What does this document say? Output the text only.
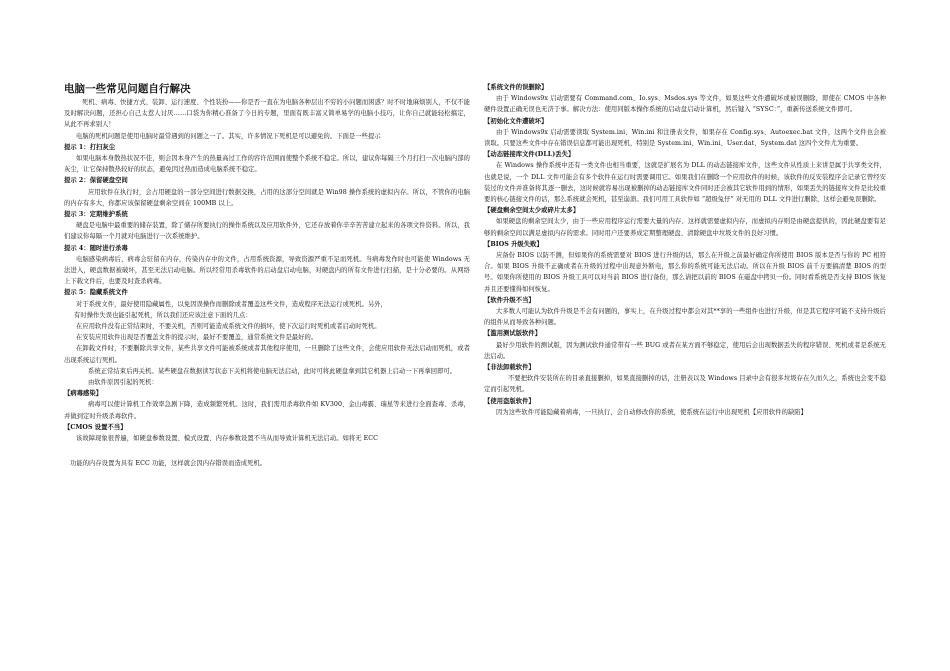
电脑一些常见问题自行解决

死机、病毒、快捷方式、装卸、运行速度、个性装扮——你是否一直在为电脑各种层出不穷的小问题而困惑？时不时地麻烦别人，不仅不能及时解决问题，还担心自己太惹人讨厌……口袋为你精心准备了今日的专题，里面有既丰富又简单易学的电脑小技巧，让你自己就能轻松搞定，从此不再求别人！

电脑的死机问题是使用电脑时最常遇到的问题之一了。其实，许多情况下死机是可以避免的。下面是一些提示

提示 1：打扫灰尘

如果电脑本身散热状况不佳，则会因本身产生的热量高过工作的容许范围而使整个系统不稳定。所以，建议你每隔三个月打扫一次电脑内部的灰尘，让它保持散热较好的状态，避免因过热而造成电脑系统不稳定。

提示 2：保留硬盘空间

应用软件在执行时，会占用硬盘的一部分空间进行数据交换，占用的这部分空间就是 Win98 操作系统的虚拟内存。所以，不管你的电脑的内存有多大，你都应该保留硬盘剩余空间在 100MB 以上。

提示 3：定期维护系统

硬盘是电脑中最重要的储存装置，除了储存所要执行的操作系统以及应用软件外，它还存放着你辛辛苦苦建立起来的各项文件资料。所以，我们建议你每隔一个月就对电脑进行一次系统维护。

提示 4：随时进行杀毒

电脑感染病毒后，病毒会驻留在内存，传染内存中的文件，占用系统资源，导致资源严重不足而死机。当病毒发作时也可能使 Windows 无法进入，硬盘数据被破坏，甚至无法启动电脑。所以经常用杀毒软件的启动盘启动电脑，对硬盘内的所有文件进行扫描，是十分必要的。从网络上下载文件后，也要及时查杀病毒。

提示 5：隐藏系统文件

对于系统文件，最好使用隐藏属性，以免因误操作而删除或者覆盖这些文件，造成程序无法运行或死机。另外，

有时操作失误也能引起死机，所以我们还应该注意下面的几点：

在应用软件没有正常结束时，不要关机，否则可能造成系统文件的损坏，使下次运行时死机或者启动时死机。

在安装应用软件出现是否覆盖文件的提示时，最好不要覆盖，通常系统文件是最好的。

在卸载文件时，不要删除共享文件，某些共享文件可能被系统或者其他程序使用，一旦删除了这些文件，会使应用软件无法启动而死机，或者出现系统运行死机。

系统正常结束后再关机。某些硬盘在数据读写状态下关机将使电脑无法启动，此时可将此硬盘拿到其它机器上启动一下再拿回即可。

由软件原因引起的死机：

【病毒感染】

病毒可以使计算机工作效率急剧下降，造成频繁死机。这时，我们需用杀毒软件如 KV300、金山毒霸、瑞星等来进行全面查毒、杀毒，并做到定时升级杀毒软件。

【CMOS 设置不当】

该故障现象很普遍，如硬盘参数设置、模式设置、内存参数设置不当从而导致计算机无法启动。如将无 ECC

功能的内存设置为具有 ECC 功能，这样就会因内存错误而造成死机。

【系统文件的误删除】

由于 Windows9x 启动需要有 Command.com、Io.sys、Msdos.sys 等文件，如果这些文件遭破坏或被误删除，即使在 CMOS 中各种硬件设置正确无误也无济于事。解决方法：使用同版本操作系统的启动盘启动计算机，然后键入 “SYSC：”，重新传送系统文件即可。

【初始化文件遭破坏】

由于 Windows9x 启动需要读取 System.ini、Win.ini 和注册表文件，如果存在 Config.sys、Autoexec.bat 文件，这两个文件也会被读取。只要这些文件中存在错误信息都可能出现死机，特别是 System.ini、Win.ini、User.dat、System.dat 这四个文件尤为重要。

【动态链接库文件(DLL)丢失】

在 Windows 操作系统中还有一类文件也相当重要，这就是扩展名为 DLL 的动态链接库文件，这些文件从性质上来讲是属于共享类文件，也就是说，一个 DLL 文件可能会有多个软件在运行时需要调用它。如果我们在删除一个应用软件的时候，该软件的反安装程序会记录它曾经安装过的文件并准备将其逐一删去，这时候就容易出现被删掉的动态链接库文件同时还会被其它软件用到的情形，如果丢失的链接库文件是比较重要的核心链接文件的话，那么系统就会死机，甚至崩溃。我们可用工具软件如 “超级兔仔” 对无用的 DLL 文件进行删除，这样会避免误删除。

【硬盘剩余空间太少或碎片太多】

如果硬盘的剩余空间太少，由于一些应用程序运行需要大量的内存、这样就需要虚拟内存，而虚拟内存则是由硬盘提供的，因此硬盘要有足够的剩余空间以满足虚拟内存的需求。同时用户还要养成定期整理硬盘、清除硬盘中垃圾文件的良好习惯。

【BIOS 升级失败】

应备份 BIOS 以防不测，但如果你的系统需要对 BIOS 进行升级的话，那么在升级之前最好确定你所使用 BIOS 版本是否与你的 PC 相符合。如果 BIOS 升级不正确或者在升级的过程中出现意外断电，那么你的系统可能无法启动。所以在升级 BIOS 前千万要搞清楚 BIOS 的型号。如果你所使用的 BIOS 升级工具可以对当前 BIOS 进行备份，那么请把以前的 BIOS 在磁盘中拷贝一份。同时看系统是否支持 BIOS 恢复并且还要懂得如何恢复。

【软件升级不当】

大多数人可能认为软件升级是不会有问题的，事实上，在升级过程中都会对其**享的一些组件也进行升级，但是其它程序可能不支持升级后的组件从而导致各种问题。

【滥用测试版软件】

最好少用软件的测试版，因为测试软件通常带有一些 BUG 或者在某方面不够稳定，使用后会出现数据丢失的程序错误、死机或者是系统无法启动。

【非法卸载软件】

不要把软件安装所在的目录直接删掉，如果直接删掉的话，注册表以及 Windows 目录中会有很多垃圾存在久而久之，系统也会变不稳定而引起死机。

【使用盗版软件】

因为这些软件可能隐藏着病毒，一旦执行，会自动修改你的系统，使系统在运行中出现死机【应用软件的缺陷】
